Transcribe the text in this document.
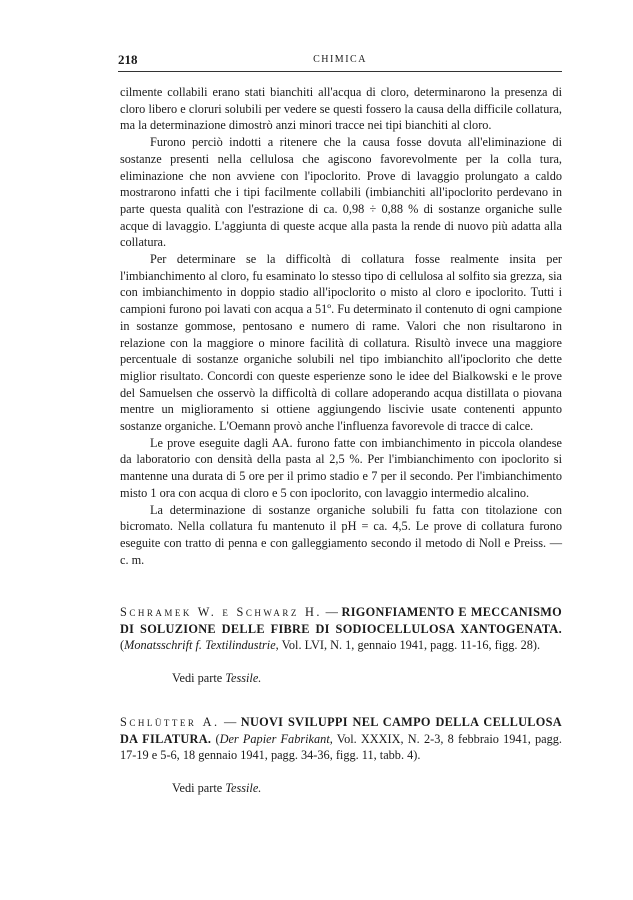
218	CHIMICA

cilmente collabili erano stati bianchiti all'acqua di cloro, determinarono la presenza di cloro libero e cloruri solubili per vedere se questi fossero la causa della difficile collatura, ma la determinazione dimostrò anzi minori tracce nei tipi bianchiti al cloro.

Furono perciò indotti a ritenere che la causa fosse dovuta all'eliminazione di sostanze presenti nella cellulosa che agiscono favorevolmente per la colla tura, eliminazione che non avviene con l'ipoclorito. Prove di lavaggio prolungato a caldo mostrarono infatti che i tipi facilmente collabili (imbianchiti all'ipoclorito perdevano in parte questa qualità con l'estrazione di ca. 0,98 ÷ 0,88 % di sostanze organiche sulle acque di lavaggio. L'aggiunta di queste acque alla pasta la rende di nuovo più adatta alla collatura.

Per determinare se la difficoltà di collatura fosse realmente insita per l'imbianchimento al cloro, fu esaminato lo stesso tipo di cellulosa al solfito sia grezza, sia con imbianchimento in doppio stadio all'ipoclorito o misto al cloro e ipoclorito. Tutti i campioni furono poi lavati con acqua a 51º. Fu determinato il contenuto di ogni campione in sostanze gommose, pentosano e numero di rame. Valori che non risultarono in relazione con la maggiore o minore facilità di collatura. Risultò invece una maggiore percentuale di sostanze organiche solubili nel tipo imbianchito all'ipoclorito che dette miglior risultato. Concordi con queste esperienze sono le idee del Bialkowski e le prove del Samuelsen che osservò la difficoltà di collare adoperando acqua distillata o piovana mentre un miglioramento si ottiene aggiungendo liscivie usate contenenti appunto sostanze organiche. L'Oemann provò anche l'influenza favorevole di tracce di calce.

Le prove eseguite dagli AA. furono fatte con imbianchimento in piccola olandese da laboratorio con densità della pasta al 2,5 %. Per l'imbianchimento con ipoclorito si mantenne una durata di 5 ore per il primo stadio e 7 per il secondo. Per l'imbianchimento misto 1 ora con acqua di cloro e 5 con ipoclorito, con lavaggio intermedio alcalino.

La determinazione di sostanze organiche solubili fu fatta con titolazione con bicromato. Nella collatura fu mantenuto il pH = ca. 4,5. Le prove di collatura furono eseguite con tratto di penna e con galleggiamento secondo il metodo di Noll e Preiss. — c. m.

Schramek W. e Schwarz H. — RIGONFIAMENTO E MECCANISMO DI SOLUZIONE DELLE FIBRE DI SODIOCELLULOSA XANTOGENATA. (Monatsschrift f. Textilindustrie, Vol. LVI, N. 1, gennaio 1941, pagg. 11-16, figg. 28).
Vedi parte Tessile.
Schlütter A. — NUOVI SVILUPPI NEL CAMPO DELLA CELLULOSA DA FILATURA. (Der Papier Fabrikant, Vol. XXXIX, N. 2-3, 8 febbraio 1941, pagg. 17-19 e 5-6, 18 gennaio 1941, pagg. 34-36, figg. 11, tabb. 4).
Vedi parte Tessile.
